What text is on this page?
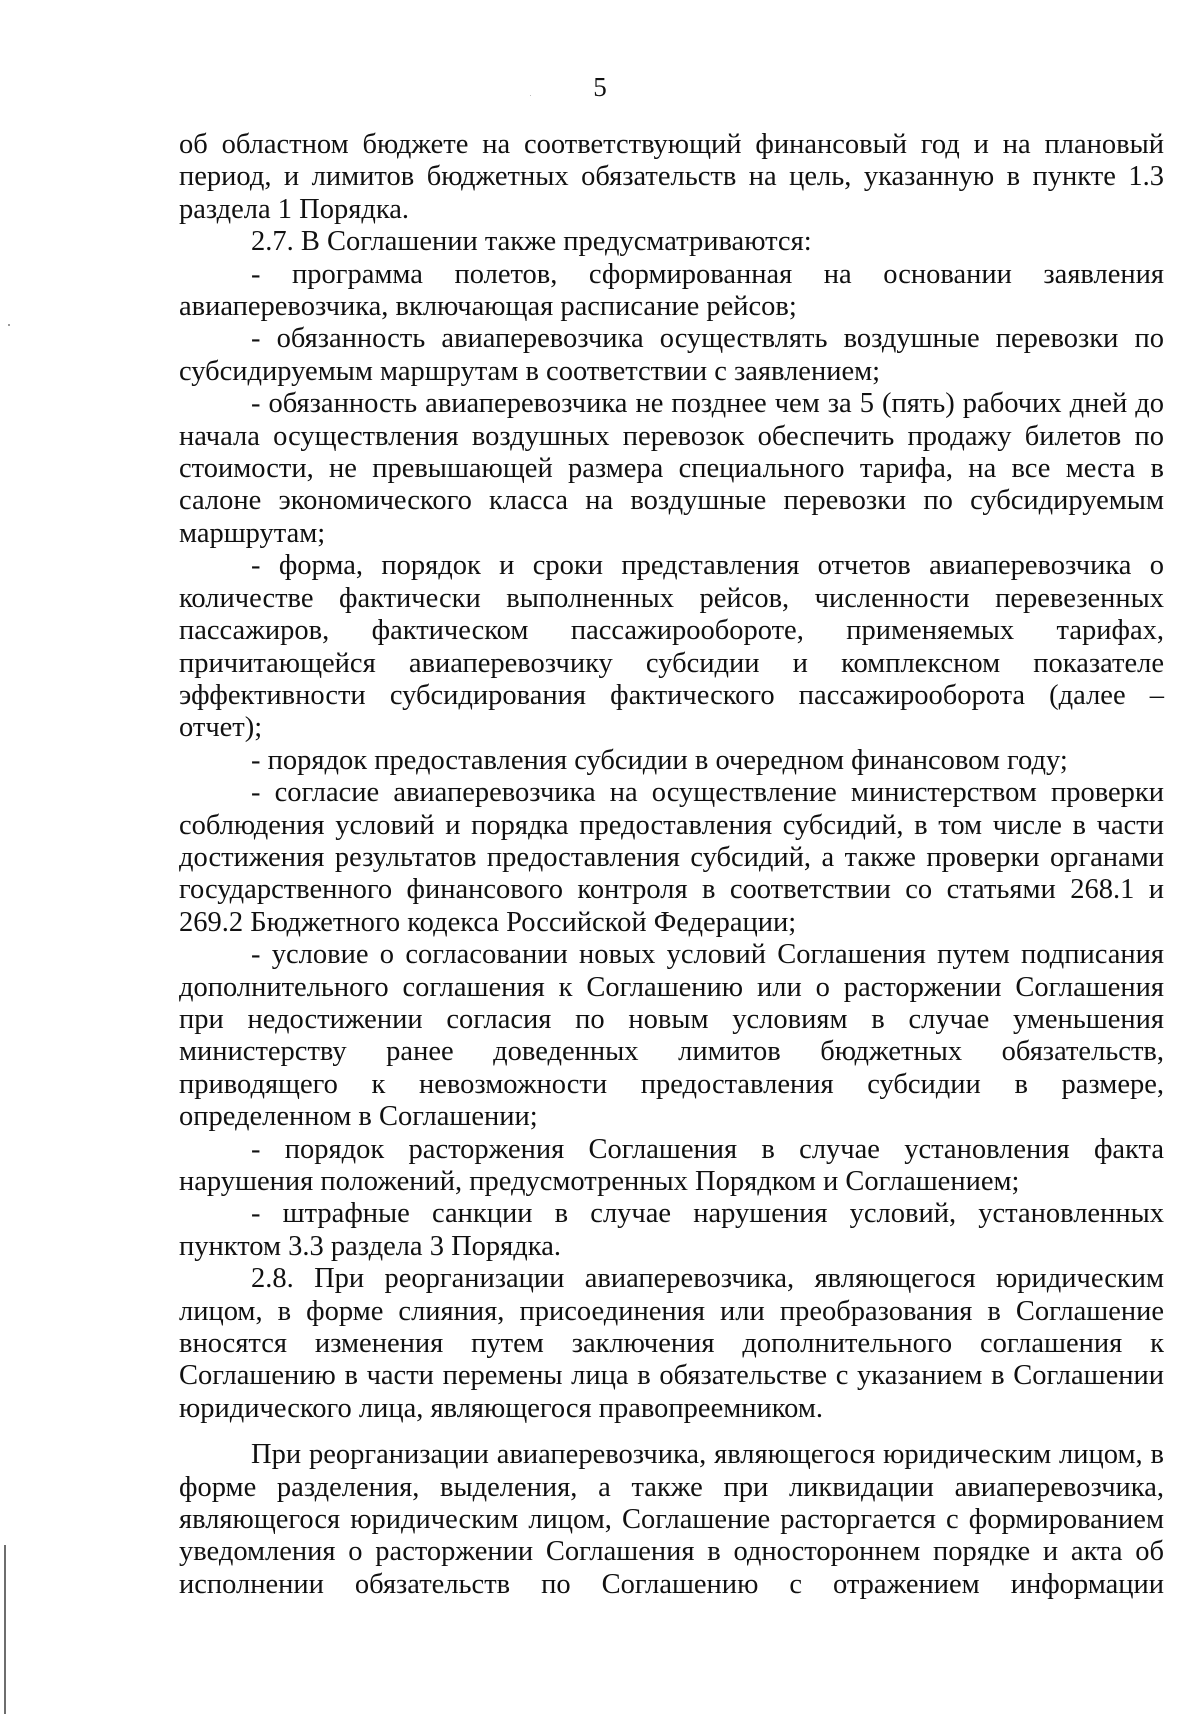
5

об областном бюджете на соответствующий финансовый год и на плановый период, и лимитов бюджетных обязательств на цель, указанную в пункте 1.3 раздела 1 Порядка.

2.7. В Соглашении также предусматриваются:

- программа полетов, сформированная на основании заявления авиаперевозчика, включающая расписание рейсов;

- обязанность авиаперевозчика осуществлять воздушные перевозки по субсидируемым маршрутам в соответствии с заявлением;

- обязанность авиаперевозчика не позднее чем за 5 (пять) рабочих дней до начала осуществления воздушных перевозок обеспечить продажу билетов по стоимости, не превышающей размера специального тарифа, на все места в салоне экономического класса на воздушные перевозки по субсидируемым маршрутам;

- форма, порядок и сроки представления отчетов авиаперевозчика о количестве фактически выполненных рейсов, численности перевезенных пассажиров, фактическом пассажирообороте, применяемых тарифах, причитающейся авиаперевозчику субсидии и комплексном показателе эффективности субсидирования фактического пассажирооборота (далее – отчет);

- порядок предоставления субсидии в очередном финансовом году;

- согласие авиаперевозчика на осуществление министерством проверки соблюдения условий и порядка предоставления субсидий, в том числе в части достижения результатов предоставления субсидий, а также проверки органами государственного финансового контроля в соответствии со статьями 268.1 и 269.2 Бюджетного кодекса Российской Федерации;

- условие о согласовании новых условий Соглашения путем подписания дополнительного соглашения к Соглашению или о расторжении Соглашения при недостижении согласия по новым условиям в случае уменьшения министерству ранее доведенных лимитов бюджетных обязательств, приводящего к невозможности предоставления субсидии в размере, определенном в Соглашении;

- порядок расторжения Соглашения в случае установления факта нарушения положений, предусмотренных Порядком и Соглашением;

- штрафные санкции в случае нарушения условий, установленных пунктом 3.3 раздела 3 Порядка.

2.8. При реорганизации авиаперевозчика, являющегося юридическим лицом, в форме слияния, присоединения или преобразования в Соглашение вносятся изменения путем заключения дополнительного соглашения к Соглашению в части перемены лица в обязательстве с указанием в Соглашении юридического лица, являющегося правопреемником.

При реорганизации авиаперевозчика, являющегося юридическим лицом, в форме разделения, выделения, а также при ликвидации авиаперевозчика, являющегося юридическим лицом, Соглашение расторгается с формированием уведомления о расторжении Соглашения в одностороннем порядке и акта об исполнении обязательств по Соглашению с отражением информации
